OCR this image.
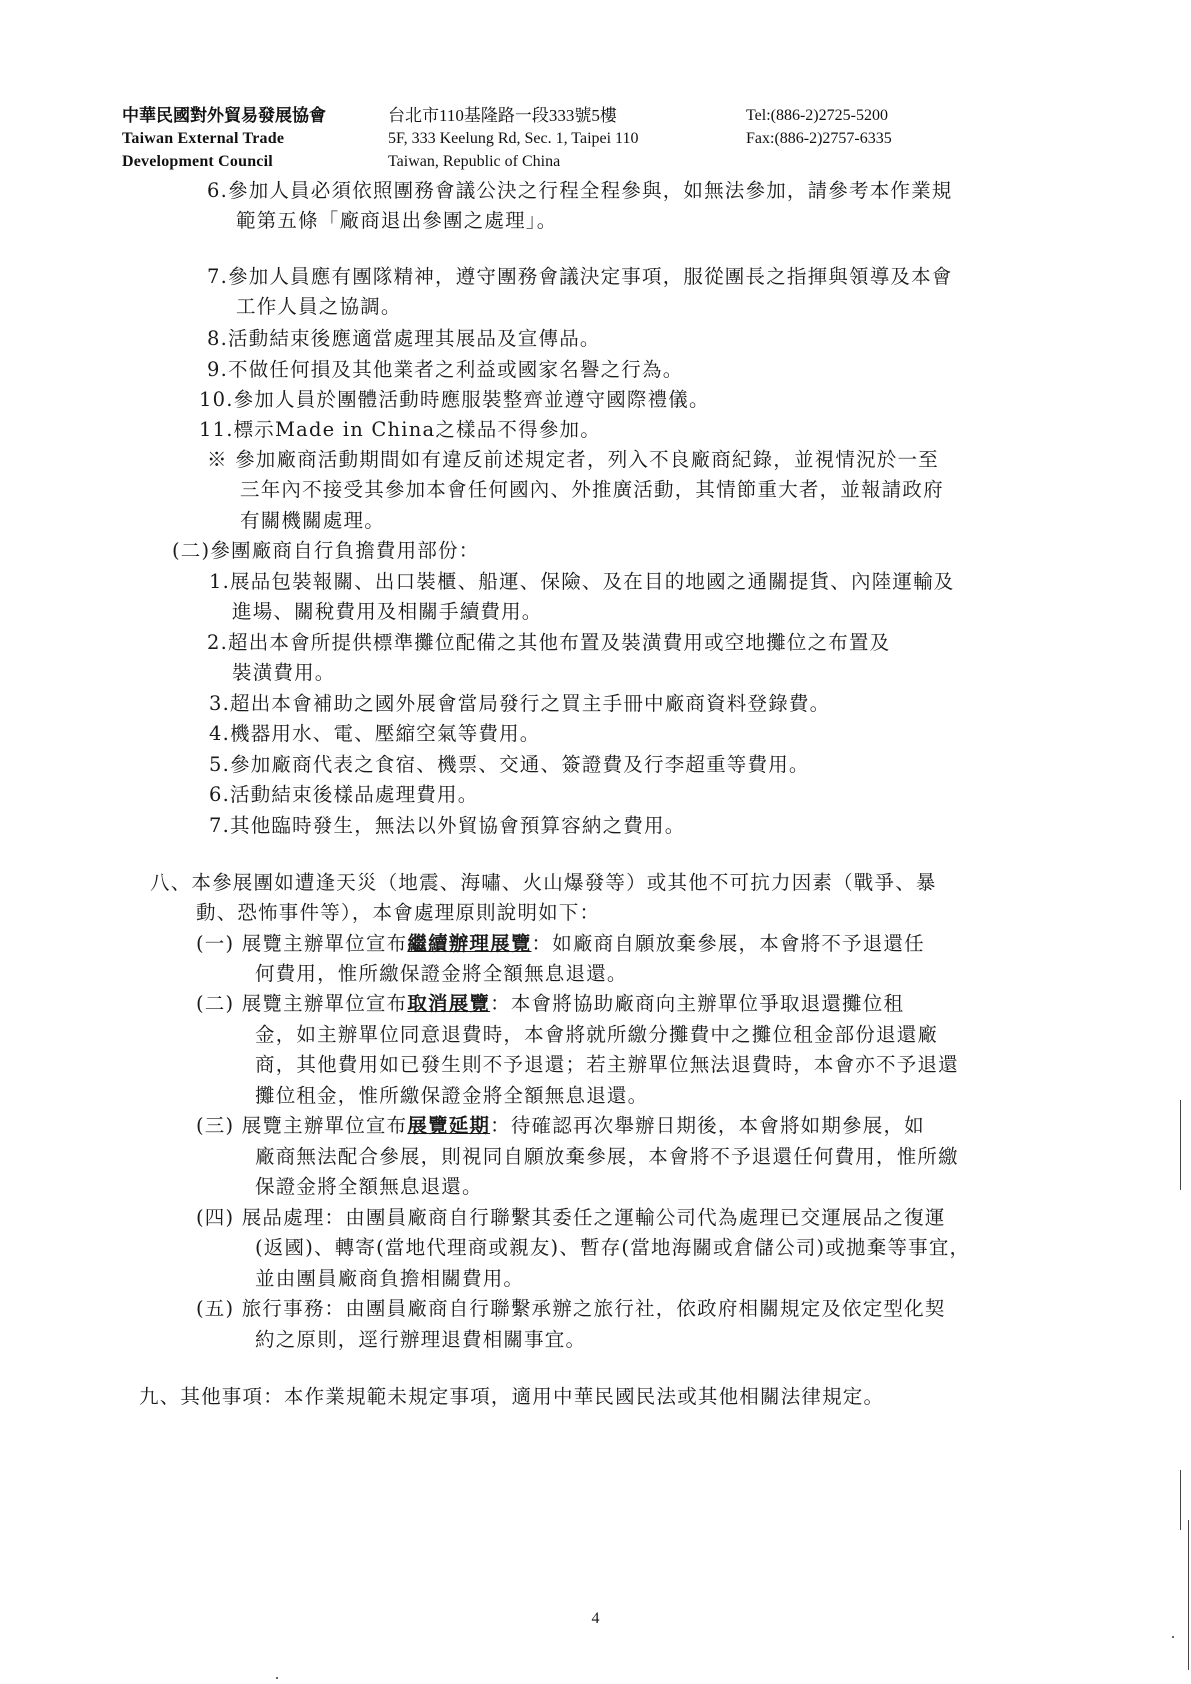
中華民國對外貿易發展協會
Taiwan External Trade
Development Council
台北市110基隆路一段333號5樓
5F, 333 Keelung Rd, Sec. 1, Taipei 110
Taiwan, Republic of China
Tel:(886-2)2725-5200
Fax:(886-2)2757-6335
6.參加人員必須依照團務會議公決之行程全程參與，如無法參加，請參考本作業規
範第五條「廠商退出參團之處理」。
7.參加人員應有團隊精神，遵守團務會議決定事項，服從團長之指揮與領導及本會
工作人員之協調。
8.活動結束後應適當處理其展品及宣傳品。
9.不做任何損及其他業者之利益或國家名譽之行為。
10.參加人員於團體活動時應服裝整齊並遵守國際禮儀。
11.標示Made in China之樣品不得參加。
※ 參加廠商活動期間如有違反前述規定者，列入不良廠商紀錄，並視情況於一至
三年內不接受其參加本會任何國內、外推廣活動，其情節重大者，並報請政府
有關機關處理。
(二)參團廠商自行負擔費用部份：
1.展品包裝報關、出口裝櫃、船運、保險、及在目的地國之通關提貨、內陸運輸及
進場、關稅費用及相關手續費用。
2.超出本會所提供標準攤位配備之其他布置及裝潢費用或空地攤位之布置及
裝潢費用。
3.超出本會補助之國外展會當局發行之買主手冊中廠商資料登錄費。
4.機器用水、電、壓縮空氣等費用。
5.參加廠商代表之食宿、機票、交通、簽證費及行李超重等費用。
6.活動結束後樣品處理費用。
7.其他臨時發生，無法以外貿協會預算容納之費用。
八、本參展團如遭逢天災（地震、海嘯、火山爆發等）或其他不可抗力因素（戰爭、暴
動、恐怖事件等），本會處理原則說明如下：
(一) 展覽主辦單位宣布繼續辦理展覽：如廠商自願放棄參展，本會將不予退還任
何費用，惟所繳保證金將全額無息退還。
(二) 展覽主辦單位宣布取消展覽：本會將協助廠商向主辦單位爭取退還攤位租
金，如主辦單位同意退費時，本會將就所繳分攤費中之攤位租金部份退還廠
商，其他費用如已發生則不予退還；若主辦單位無法退費時，本會亦不予退還
攤位租金，惟所繳保證金將全額無息退還。
(三) 展覽主辦單位宣布展覽延期：待確認再次舉辦日期後，本會將如期參展，如
廠商無法配合參展，則視同自願放棄參展，本會將不予退還任何費用，惟所繳
保證金將全額無息退還。
(四) 展品處理：由團員廠商自行聯繫其委任之運輸公司代為處理已交運展品之復運
(返國)、轉寄(當地代理商或親友)、暫存(當地海關或倉儲公司)或拋棄等事宜，
並由團員廠商負擔相關費用。
(五) 旅行事務：由團員廠商自行聯繫承辦之旅行社，依政府相關規定及依定型化契
約之原則，逕行辦理退費相關事宜。
九、其他事項：本作業規範未規定事項，適用中華民國民法或其他相關法律規定。
4
